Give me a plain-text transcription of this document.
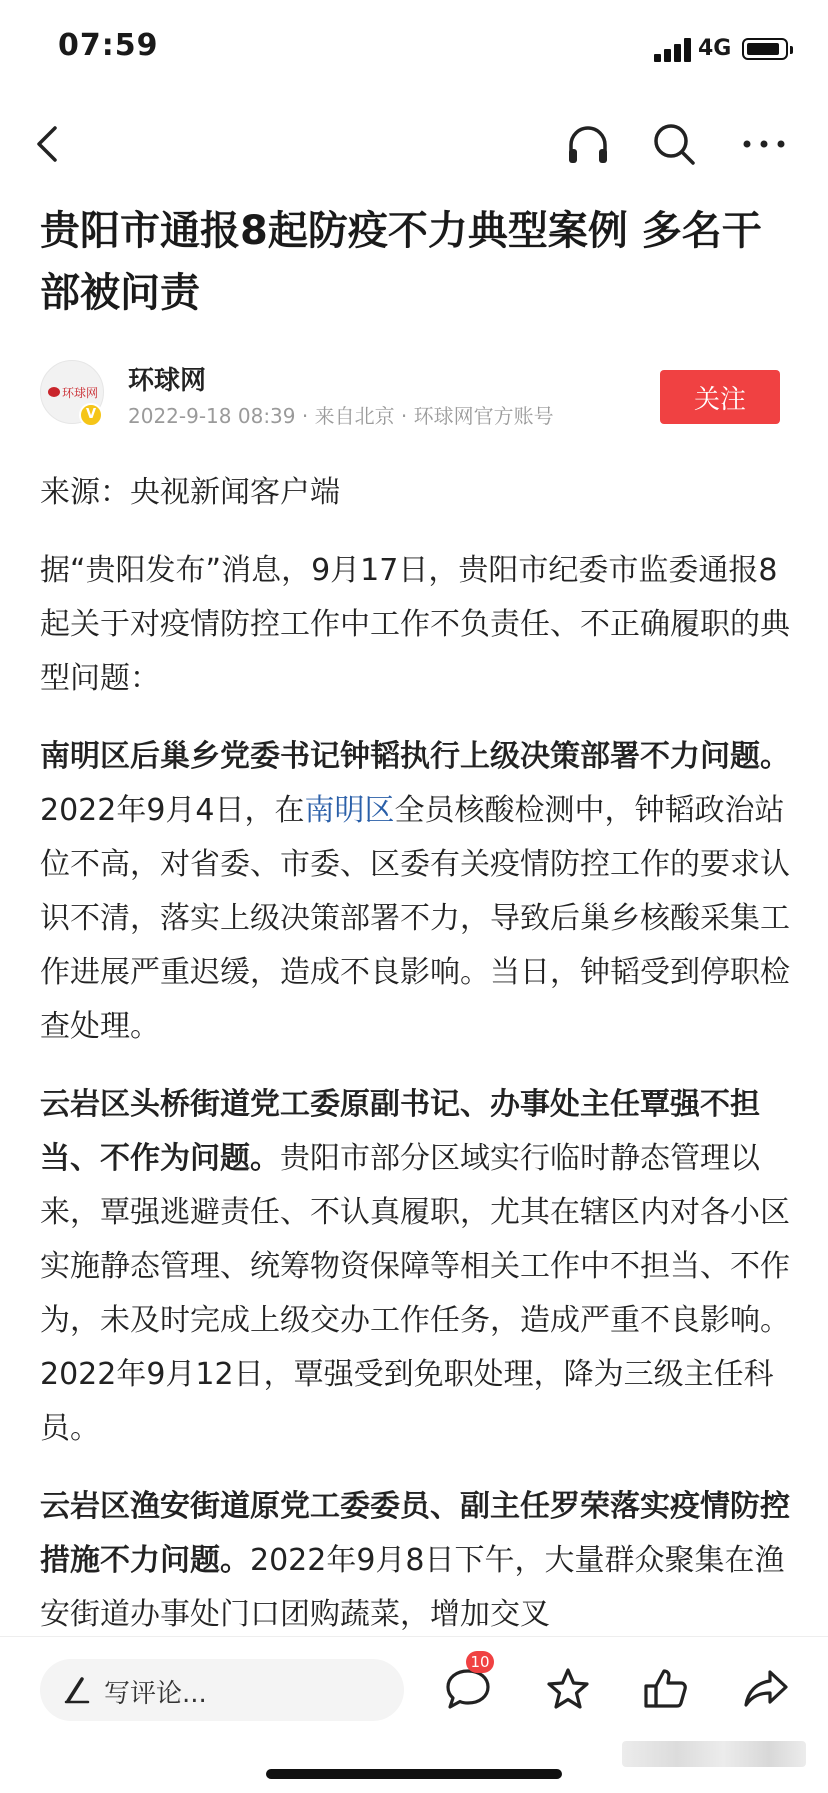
07:59	4G
贵阳市通报8起防疫不力典型案例 多名干部被问责
环球网
V
环球网
2022-9-18 08:39 · 来自北京 · 环球网官方账号
关注

来源：央视新闻客户端

据“贵阳发布”消息，9月17日，贵阳市纪委市监委通报8起关于对疫情防控工作中工作不负责任、不正确履职的典型问题：

南明区后巢乡党委书记钟韬执行上级决策部署不力问题。2022年9月4日，在南明区全员核酸检测中，钟韬政治站位不高，对省委、市委、区委有关疫情防控工作的要求认识不清，落实上级决策部署不力，导致后巢乡核酸采集工作进展严重迟缓，造成不良影响。当日，钟韬受到停职检查处理。

云岩区头桥街道党工委原副书记、办事处主任覃强不担当、不作为问题。贵阳市部分区域实行临时静态管理以来，覃强逃避责任、不认真履职，尤其在辖区内对各小区实施静态管理、统筹物资保障等相关工作中不担当、不作为，未及时完成上级交办工作任务，造成严重不良影响。2022年9月12日，覃强受到免职处理，降为三级主任科员。

云岩区渔安街道原党工委委员、副主任罗荣落实疫情防控措施不力问题。2022年9月8日下午，大量群众聚集在渔安街道办事处门口团购蔬菜，增加交叉

写评论...
10
